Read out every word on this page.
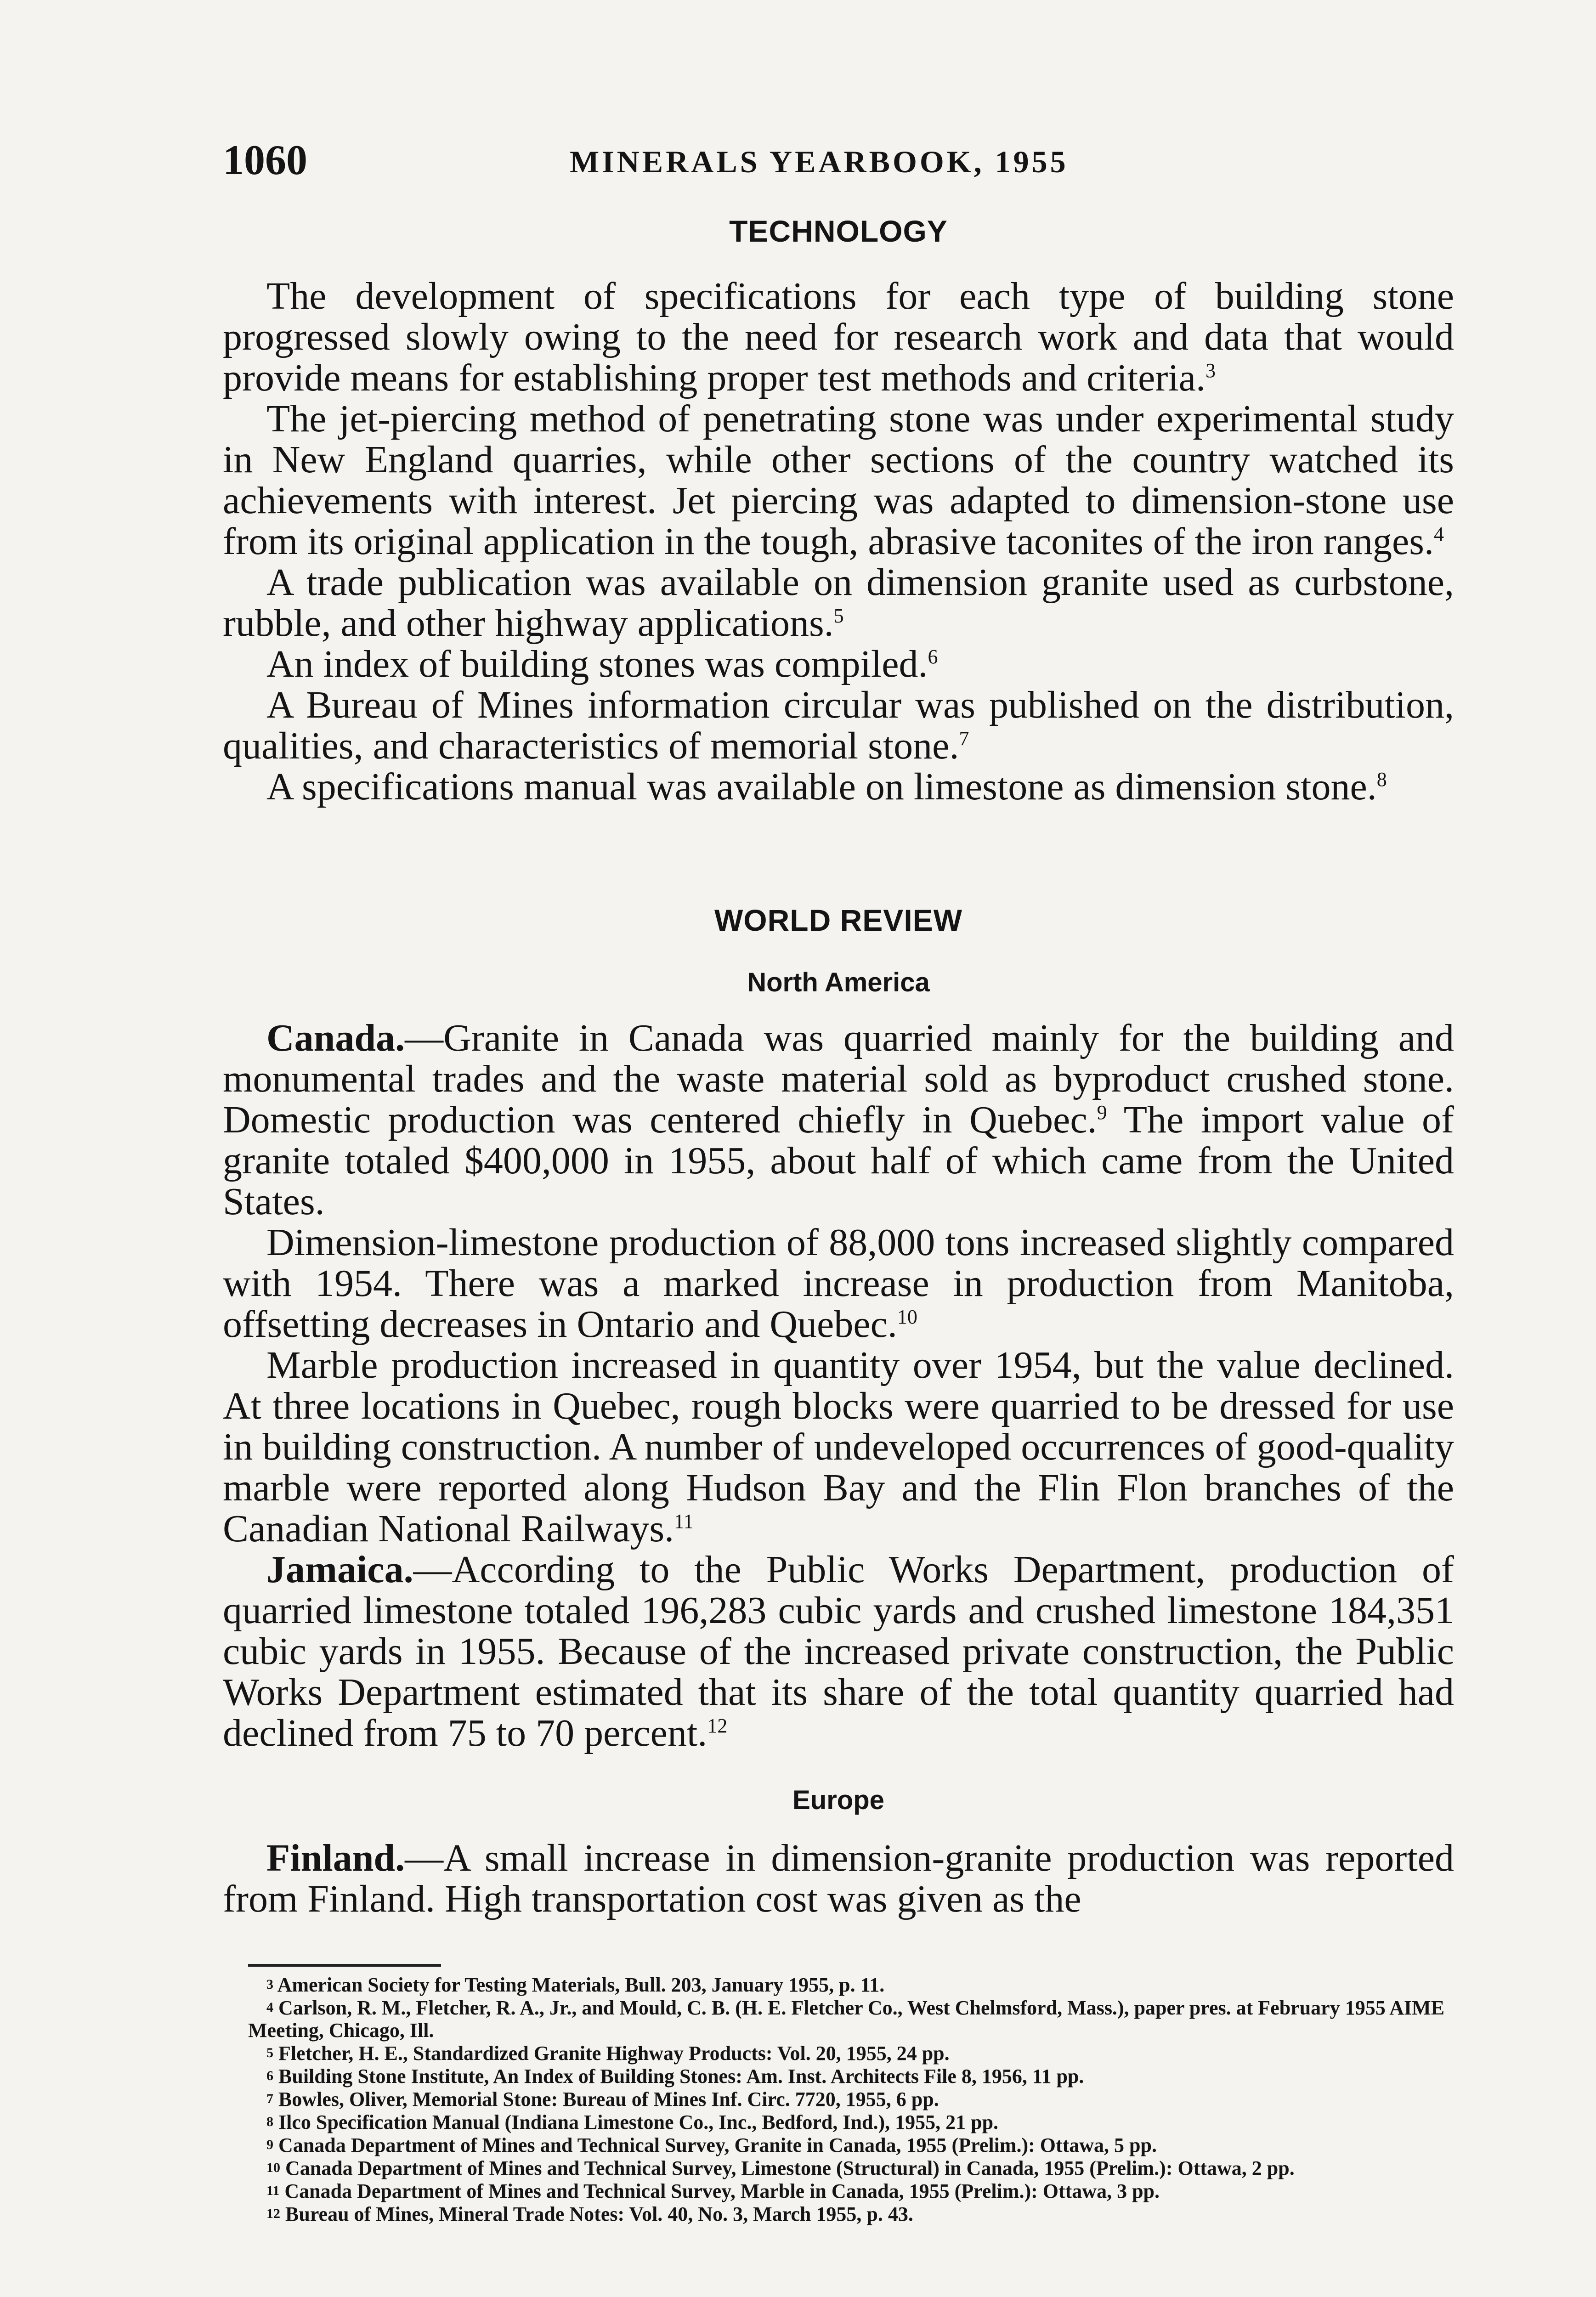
1060	MINERALS YEARBOOK, 1955
TECHNOLOGY

The development of specifications for each type of building stone progressed slowly owing to the need for research work and data that would provide means for establishing proper test methods and criteria.$^3$

The jet-piercing method of penetrating stone was under experimental study in New England quarries, while other sections of the country watched its achievements with interest. Jet piercing was adapted to dimension-stone use from its original application in the tough, abrasive taconites of the iron ranges.$^4$

A trade publication was available on dimension granite used as curbstone, rubble, and other highway applications.$^5$

An index of building stones was compiled.$^6$

A Bureau of Mines information circular was published on the distribution, qualities, and characteristics of memorial stone.$^7$

A specifications manual was available on limestone as dimension stone.$^8$

WORLD REVIEW
North America

Canada.—Granite in Canada was quarried mainly for the building and monumental trades and the waste material sold as byproduct crushed stone. Domestic production was centered chiefly in Quebec.$^9$ The import value of granite totaled $400,000 in 1955, about half of which came from the United States.

Dimension-limestone production of 88,000 tons increased slightly compared with 1954. There was a marked increase in production from Manitoba, offsetting decreases in Ontario and Quebec.$^{10}$

Marble production increased in quantity over 1954, but the value declined. At three locations in Quebec, rough blocks were quarried to be dressed for use in building construction. A number of undeveloped occurrences of good-quality marble were reported along Hudson Bay and the Flin Flon branches of the Canadian National Railways.$^{11}$

Jamaica.—According to the Public Works Department, production of quarried limestone totaled 196,283 cubic yards and crushed limestone 184,351 cubic yards in 1955. Because of the increased private construction, the Public Works Department estimated that its share of the total quantity quarried had declined from 75 to 70 percent.$^{12}$

Europe

Finland.—A small increase in dimension-granite production was reported from Finland. High transportation cost was given as the

3 American Society for Testing Materials, Bull. 203, January 1955, p. 11.

4 Carlson, R. M., Fletcher, R. A., Jr., and Mould, C. B. (H. E. Fletcher Co., West Chelmsford, Mass.), paper pres. at February 1955 AIME Meeting, Chicago, Ill.

5 Fletcher, H. E., Standardized Granite Highway Products: Vol. 20, 1955, 24 pp.

6 Building Stone Institute, An Index of Building Stones: Am. Inst. Architects File 8, 1956, 11 pp.

7 Bowles, Oliver, Memorial Stone: Bureau of Mines Inf. Circ. 7720, 1955, 6 pp.

8 Ilco Specification Manual (Indiana Limestone Co., Inc., Bedford, Ind.), 1955, 21 pp.

9 Canada Department of Mines and Technical Survey, Granite in Canada, 1955 (Prelim.): Ottawa, 5 pp.

10 Canada Department of Mines and Technical Survey, Limestone (Structural) in Canada, 1955 (Prelim.): Ottawa, 2 pp.

11 Canada Department of Mines and Technical Survey, Marble in Canada, 1955 (Prelim.): Ottawa, 3 pp.

12 Bureau of Mines, Mineral Trade Notes: Vol. 40, No. 3, March 1955, p. 43.
